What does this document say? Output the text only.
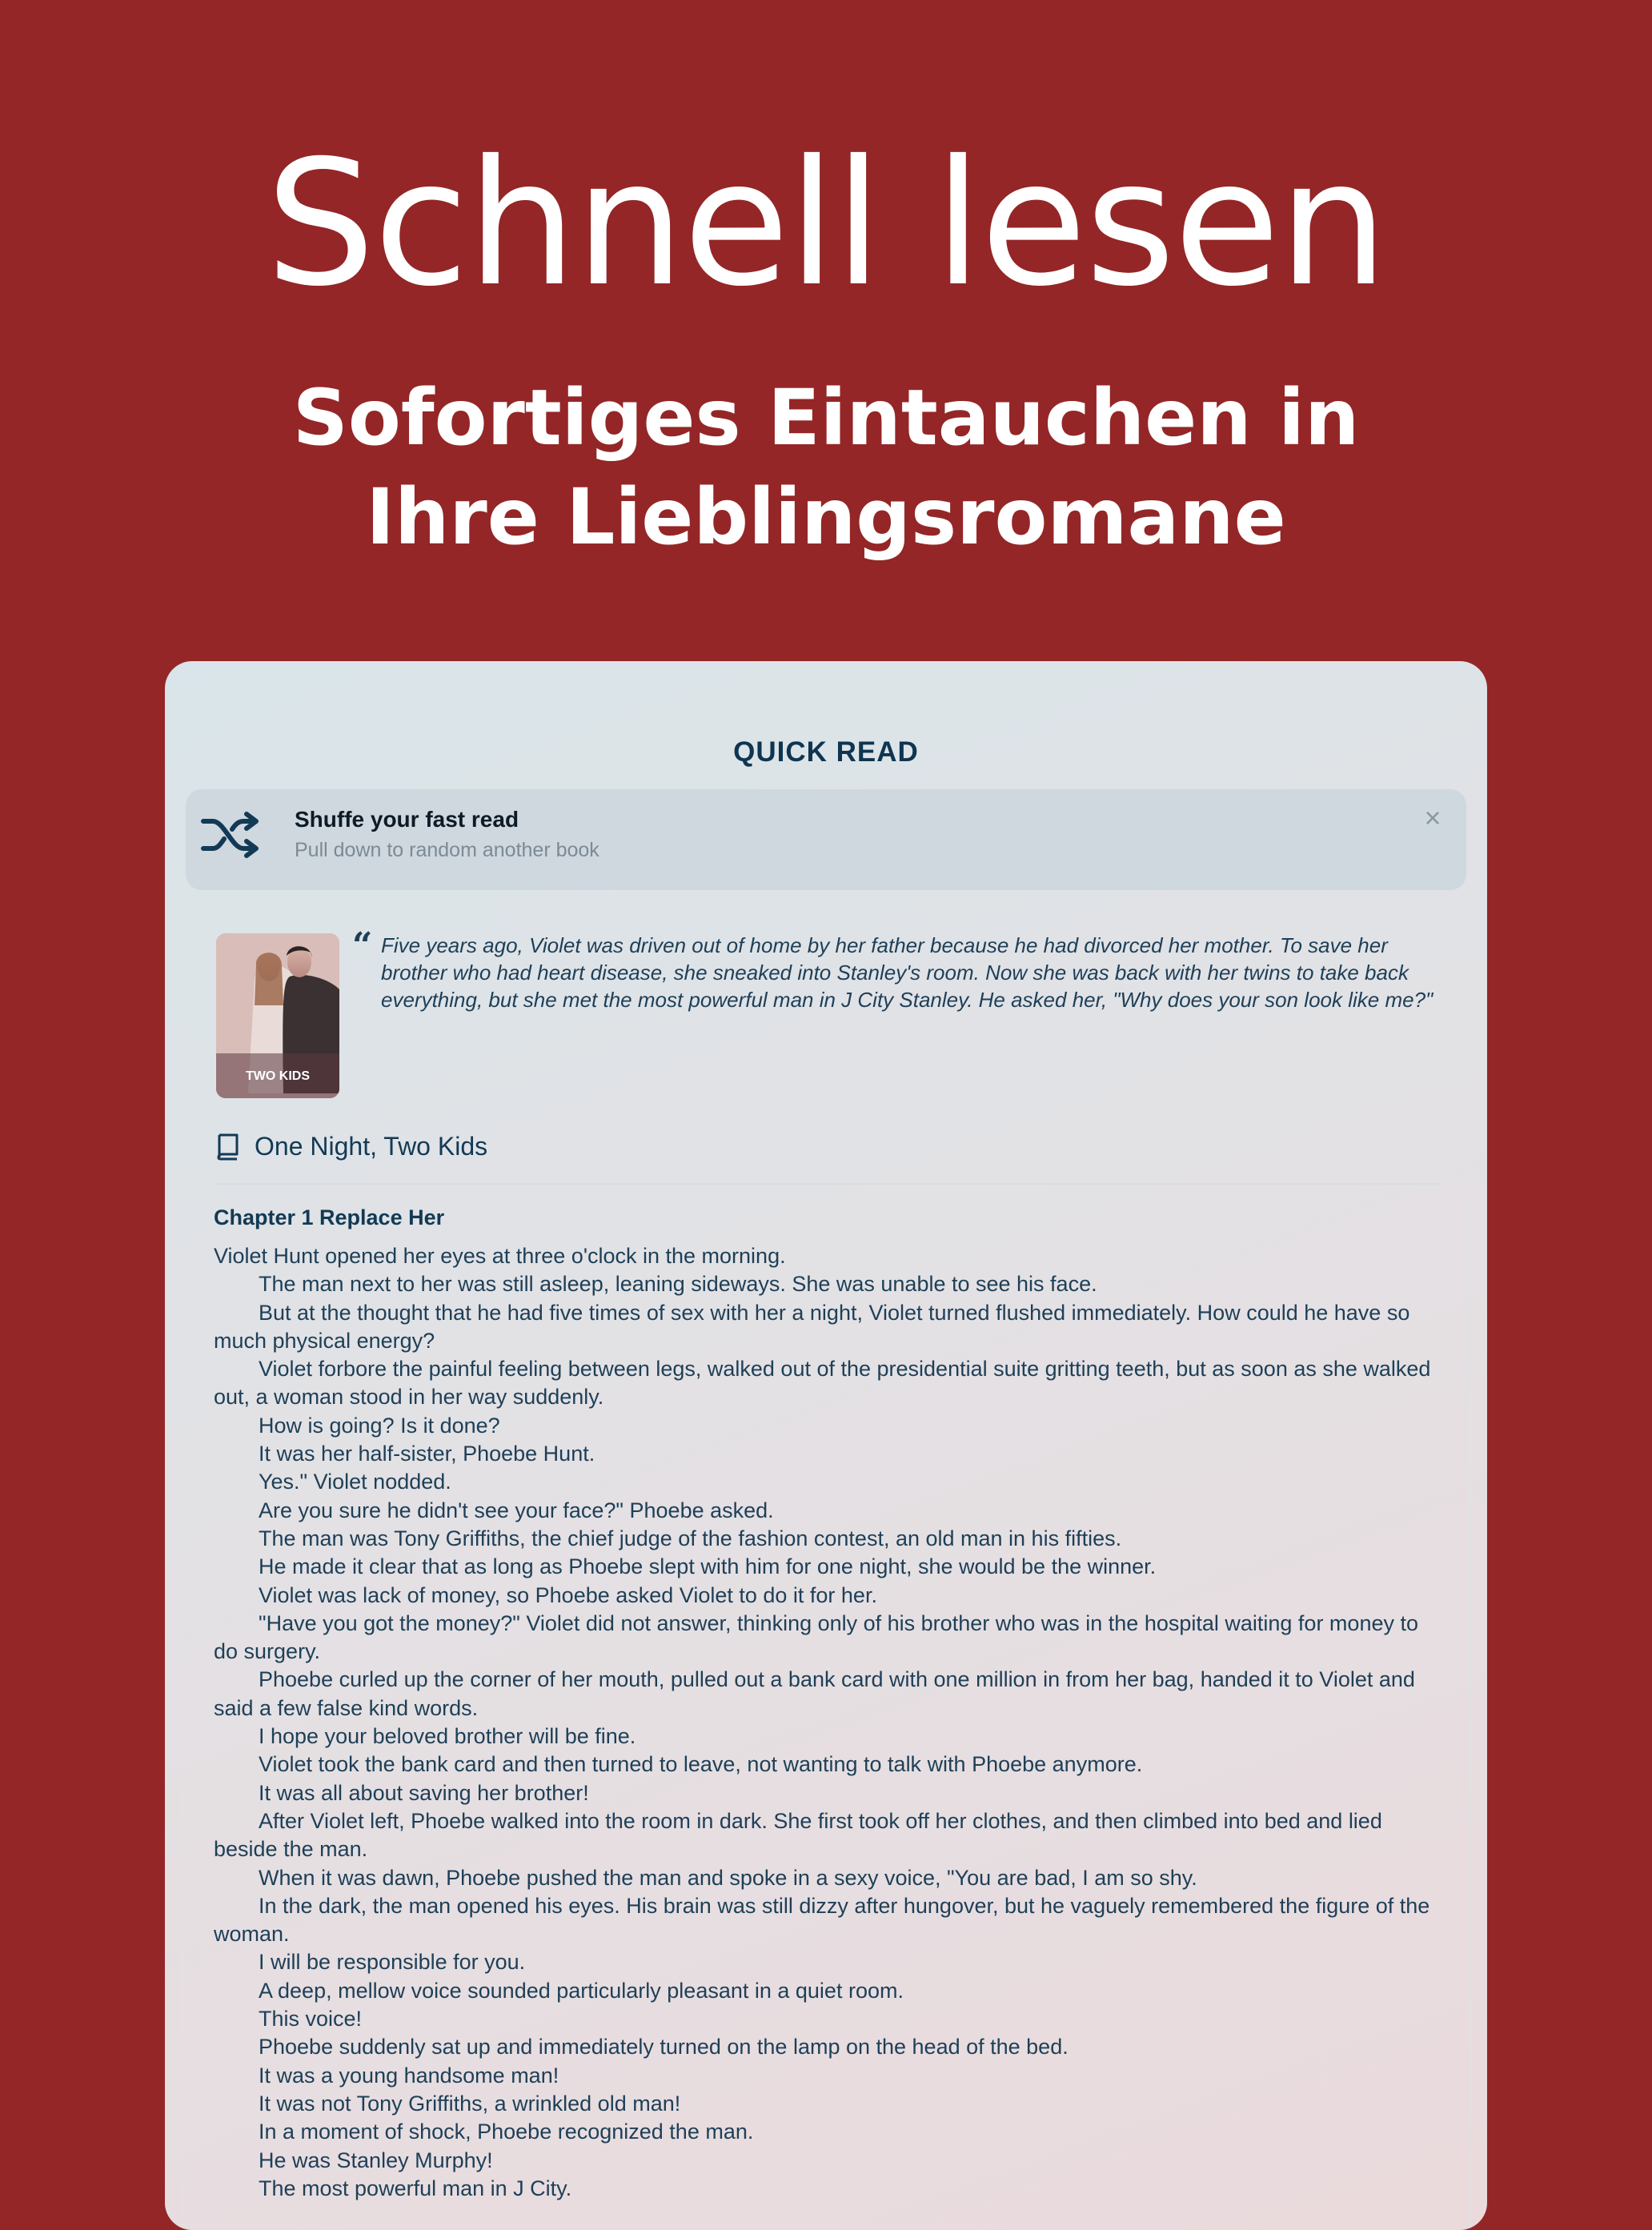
Schnell lesen
Sofortiges Eintauchen in Ihre Lieblingsromane
QUICK READ
Shuffe your fast read
Pull down to random another book
×
TWO KIDS
“ Five years ago, Violet was driven out of home by her father because he had divorced her mother. To save her brother who had heart disease, she sneaked into Stanley's room. Now she was back with her twins to take back everything, but she met the most powerful man in J City Stanley. He asked her, "Why does your son look like me?"

One Night, Two Kids
Chapter 1 Replace Her

Violet Hunt opened her eyes at three o'clock in the morning.

The man next to her was still asleep, leaning sideways. She was unable to see his face.

But at the thought that he had five times of sex with her a night, Violet turned flushed immediately. How could he have so much physical energy?

Violet forbore the painful feeling between legs, walked out of the presidential suite gritting teeth, but as soon as she walked out, a woman stood in her way suddenly.

How is going? Is it done?

It was her half-sister, Phoebe Hunt.

Yes." Violet nodded.

Are you sure he didn't see your face?" Phoebe asked.

The man was Tony Griffiths, the chief judge of the fashion contest, an old man in his fifties.

He made it clear that as long as Phoebe slept with him for one night, she would be the winner.

Violet was lack of money, so Phoebe asked Violet to do it for her.

"Have you got the money?" Violet did not answer, thinking only of his brother who was in the hospital waiting for money to do surgery.

Phoebe curled up the corner of her mouth, pulled out a bank card with one million in from her bag, handed it to Violet and said a few false kind words.

I hope your beloved brother will be fine.

Violet took the bank card and then turned to leave, not wanting to talk with Phoebe anymore.

It was all about saving her brother!

After Violet left, Phoebe walked into the room in dark. She first took off her clothes, and then climbed into bed and lied beside the man.

When it was dawn, Phoebe pushed the man and spoke in a sexy voice, "You are bad, I am so shy.

In the dark, the man opened his eyes. His brain was still dizzy after hungover, but he vaguely remembered the figure of the woman.

I will be responsible for you.

A deep, mellow voice sounded particularly pleasant in a quiet room.

This voice!

Phoebe suddenly sat up and immediately turned on the lamp on the head of the bed.

It was a young handsome man!

It was not Tony Griffiths, a wrinkled old man!

In a moment of shock, Phoebe recognized the man.

He was Stanley Murphy!

The most powerful man in J City.
